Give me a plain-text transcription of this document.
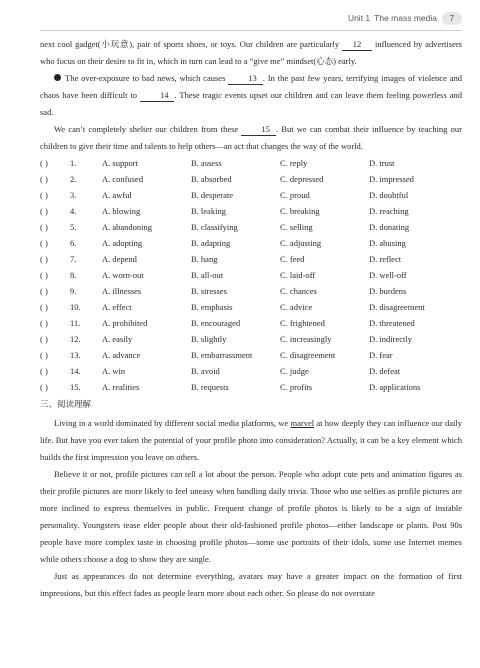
Unit 1 The mass media	7

next cool gadget(小玩意), pair of sports shoes, or toys. Our children are particularly 12 influenced by advertisers who focus on their desire to fit in, which in turn can lead to a “give me” mindset(心态) early.

The over-exposure to bad news, which causes 13 . In the past few years, terrifying images of violence and chaos have been difficult to 14 . These tragic events upset our children and can leave them feeling powerless and sad.

We can’t completely shelter our children from these 15 . But we can combat their influence by teaching our children to give their time and talents to help others—an act that changes the way of the world.

( )	1.	A. support	B. assess	C. reply	D. trust
( )	2.	A. confused	B. absorbed	C. depressed	D. impressed
( )	3.	A. awful	B. desperate	C. proud	D. doubtful
( )	4.	A. blowing	B. leaking	C. breaking	D. reaching
( )	5.	A. abandoning	B. classifying	C. selling	D. donating
( )	6.	A. adopting	B. adapting	C. adjusting	D. abusing
( )	7.	A. depend	B. hang	C. feed	D. reflect
( )	8.	A. worn-out	B. all-out	C. laid-off	D. well-off
( )	9.	A. illnesses	B. stresses	C. chances	D. burdens
( )	10.	A. effect	B. emphasis	C. advice	D. disagreement
( )	11.	A. prohibited	B. encouraged	C. frightened	D. threatened
( )	12.	A. easily	B. slightly	C. increasingly	D. indirectly
( )	13.	A. advance	B. embarrassment	C. disagreement	D. fear
( )	14.	A. win	B. avoid	C. judge	D. defeat
( )	15.	A. realities	B. requests	C. profits	D. applications
三、阅读理解

Living in a world dominated by different social media platforms, we marvel at how deeply they can influence our daily life. But have you ever taken the potential of your profile photo into consideration? Actually, it can be a key element which builds the first impression you leave on others.

Believe it or not, profile pictures can tell a lot about the person. People who adopt cute pets and animation figures as their profile pictures are more likely to feel uneasy when handling daily trivia. Those who use selfies as profile pictures are more inclined to express themselves in public. Frequent change of profile photos is likely to be a sign of instable personality. Youngsters tease elder people about their old-fashioned profile photos—either landscape or plants. Post 90s people have more complex taste in choosing profile photos—some use portraits of their idols, some use Internet memes while others choose a dog to show they are single.

Just as appearances do not determine everything, avatars may have a greater impact on the formation of first impressions, but this effect fades as people learn more about each other. So please do not overstate
